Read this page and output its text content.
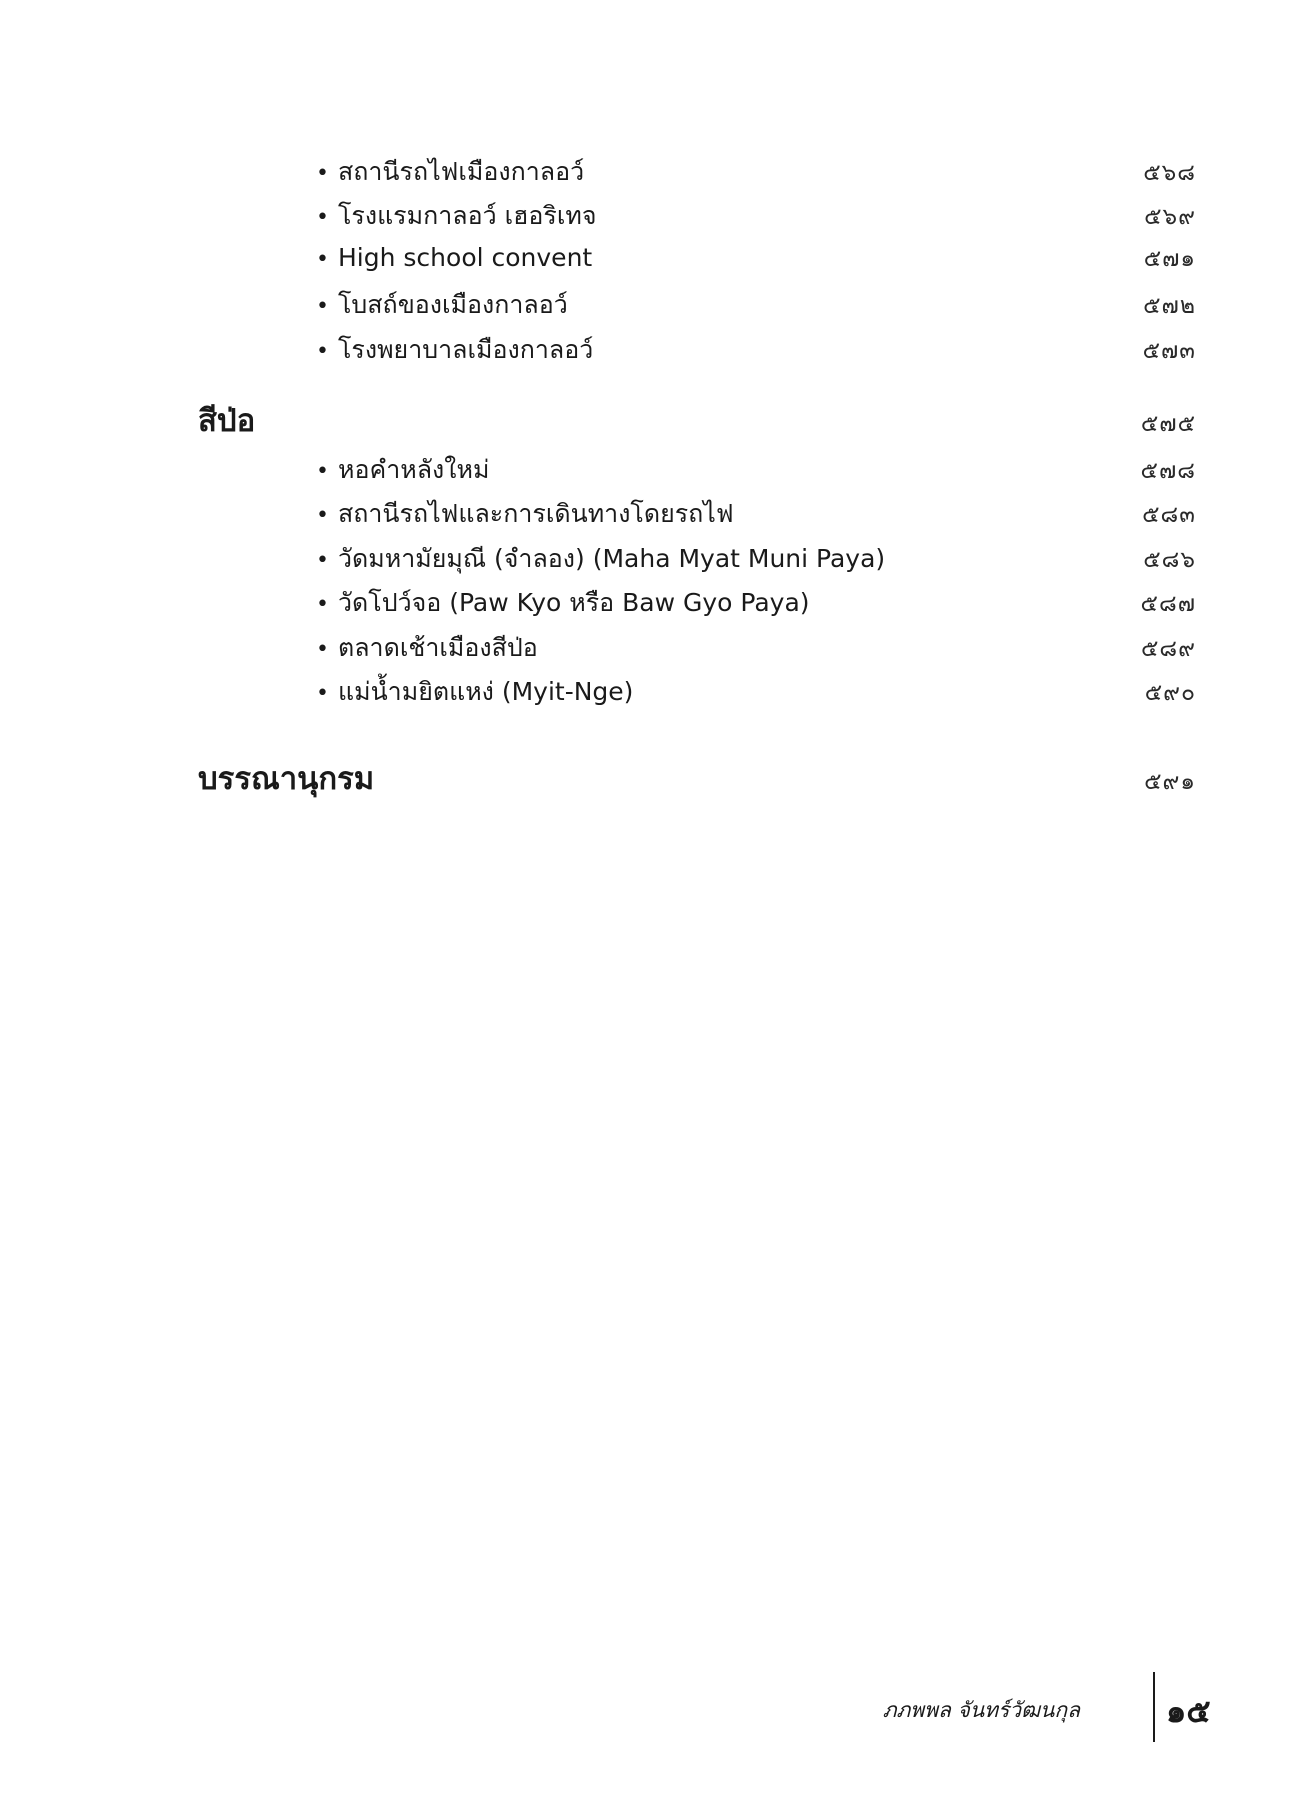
• สถานีรถไฟเมืองกาลอว์	๕๖๘
• โรงแรมกาลอว์ เฮอริเทจ	๕๖๙
• High school convent	๕๗๑
• โบสถ์ของเมืองกาลอว์	๕๗๒
• โรงพยาบาลเมืองกาลอว์	๕๗๓
สีป่อ	๕๗๕
• หอคำหลังใหม่	๕๗๘
• สถานีรถไฟและการเดินทางโดยรถไฟ	๕๘๓
• วัดมหามัยมุณี (จำลอง) (Maha Myat Muni Paya)	๕๘๖
• วัดโปว์จอ (Paw Kyo หรือ Baw Gyo Paya)	๕๘๗
• ตลาดเช้าเมืองสีป่อ	๕๘๙
• แม่น้ำมยิตแหง่ (Myit-Nge)	๕๙๐
บรรณานุกรม	๕๙๑
ภภพพล จันทร์วัฒนกุล	๑๕
